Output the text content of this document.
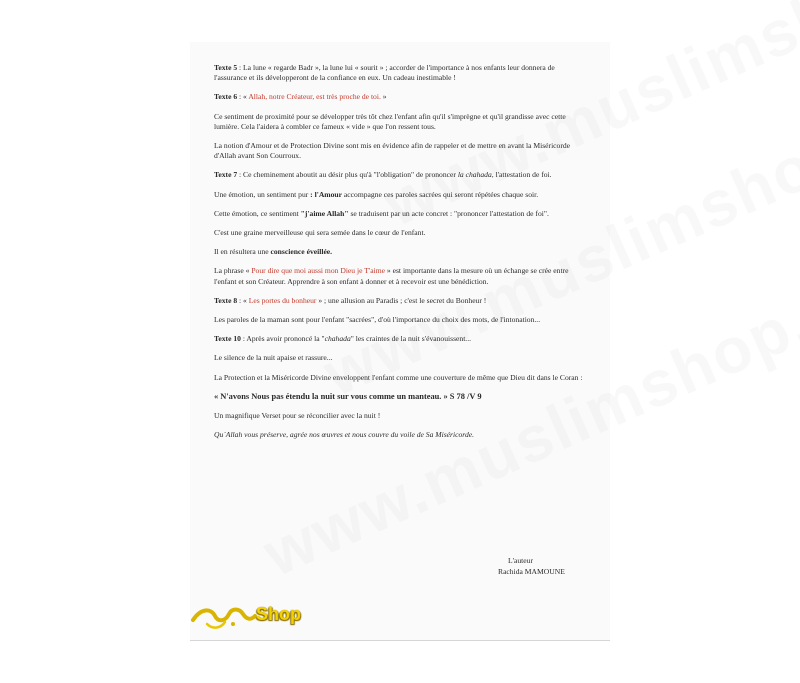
Texte 5 : La lune « regarde Badr », la lune lui « sourit » ; accorder de l'importance à nos enfants leur donnera de l'assurance et ils développeront de la confiance en eux. Un cadeau inestimable !

Texte 6 : « Allah, notre Créateur, est très proche de toi. »

Ce sentiment de proximité pour se développer très tôt chez l'enfant afin qu'il s'imprègne et qu'il grandisse avec cette lumière. Cela l'aidera à combler ce fameux « vide » que l'on ressent tous.

La notion d'Amour et de Protection Divine sont mis en évidence afin de rappeler et de mettre en avant la Miséricorde d'Allah avant Son Courroux.

Texte 7 : Ce cheminement aboutit au désir plus qu'à "l'obligation" de prononcer la chahada, l'attestation de foi.

Une émotion, un sentiment pur : l'Amour accompagne ces paroles sacrées qui seront répétées chaque soir.

Cette émotion, ce sentiment "j'aime Allah" se traduisent par un acte concret : "prononcer l'attestation de foi".

C'est une graine merveilleuse qui sera semée dans le cœur de l'enfant.

Il en résultera une conscience éveillée.

La phrase « Pour dire que moi aussi mon Dieu je T'aime » est importante dans la mesure où un échange se crée entre l'enfant et son Créateur. Apprendre à son enfant à donner et à recevoir est une bénédiction.

Texte 8 : « Les portes du bonheur » ; une allusion au Paradis ; c'est le secret du Bonheur !

Les paroles de la maman sont pour l'enfant "sacrées", d'où l'importance du choix des mots, de l'intonation...

Texte 10 : Après avoir prononcé la "chahada" les craintes de la nuit s'évanouissent...

Le silence de la nuit apaise et rassure...

La Protection et la Miséricorde Divine enveloppent l'enfant comme une couverture de même que Dieu dit dans le Coran :

« N'avons Nous pas étendu la nuit sur vous comme un manteau. » S 78 /V 9

Un magnifique Verset pour se réconcilier avec la nuit !

Qu`Allah vous préserve, agrée nos œuvres et nous couvre du voile de Sa Miséricorde.

L'auteur
Rachida MAMOUNE
Shop
